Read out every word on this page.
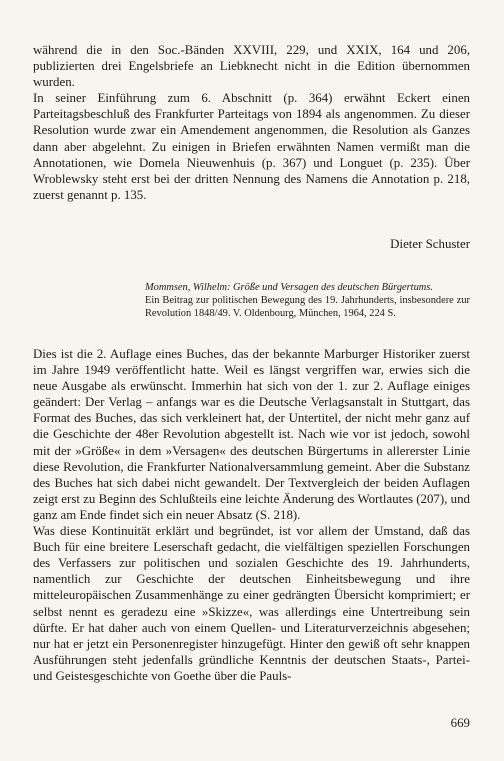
während die in den Soc.-Bänden XXVIII, 229, und XXIX, 164 und 206, publizierten drei Engelsbriefe an Liebknecht nicht in die Edition übernommen wurden.

In seiner Einführung zum 6. Abschnitt (p. 364) erwähnt Eckert einen Parteitagsbeschluß des Frankfurter Parteitags von 1894 als angenommen. Zu dieser Resolution wurde zwar ein Amendement angenommen, die Resolution als Ganzes dann aber abgelehnt. Zu einigen in Briefen erwähnten Namen vermißt man die Annotationen, wie Domela Nieuwenhuis (p. 367) und Longuet (p. 235). Über Wroblewsky steht erst bei der dritten Nennung des Namens die Annotation p. 218, zuerst genannt p. 135.

Dieter Schuster
Mommsen, Wilhelm: Größe und Versagen des deutschen Bürgertums.
Ein Beitrag zur politischen Bewegung des 19. Jahrhunderts, insbesondere zur Revolution 1848/49. V. Oldenbourg, München, 1964, 224 S.

Dies ist die 2. Auflage eines Buches, das der bekannte Marburger Historiker zuerst im Jahre 1949 veröffentlicht hatte. Weil es längst vergriffen war, erwies sich die neue Ausgabe als erwünscht. Immerhin hat sich von der 1. zur 2. Auflage einiges geändert: Der Verlag – anfangs war es die Deutsche Verlagsanstalt in Stuttgart, das Format des Buches, das sich verkleinert hat, der Untertitel, der nicht mehr ganz auf die Geschichte der 48er Revolution abgestellt ist. Nach wie vor ist jedoch, sowohl mit der »Größe« in dem »Versagen« des deutschen Bürgertums in allererster Linie diese Revolution, die Frankfurter Nationalversammlung gemeint. Aber die Substanz des Buches hat sich dabei nicht gewandelt. Der Textvergleich der beiden Auflagen zeigt erst zu Beginn des Schlußteils eine leichte Änderung des Wortlautes (207), und ganz am Ende findet sich ein neuer Absatz (S. 218).

Was diese Kontinuität erklärt und begründet, ist vor allem der Umstand, daß das Buch für eine breitere Leserschaft gedacht, die vielfältigen speziellen Forschungen des Verfassers zur politischen und sozialen Geschichte des 19. Jahrhunderts, namentlich zur Geschichte der deutschen Einheitsbewegung und ihre mitteleuropäischen Zusammenhänge zu einer gedrängten Übersicht komprimiert; er selbst nennt es geradezu eine »Skizze«, was allerdings eine Untertreibung sein dürfte. Er hat daher auch von einem Quellen- und Literaturverzeichnis abgesehen; nur hat er jetzt ein Personenregister hinzugefügt. Hinter den gewiß oft sehr knappen Ausführungen steht jedenfalls gründliche Kenntnis der deutschen Staats-, Partei- und Geistesgeschichte von Goethe über die Pauls-

669
